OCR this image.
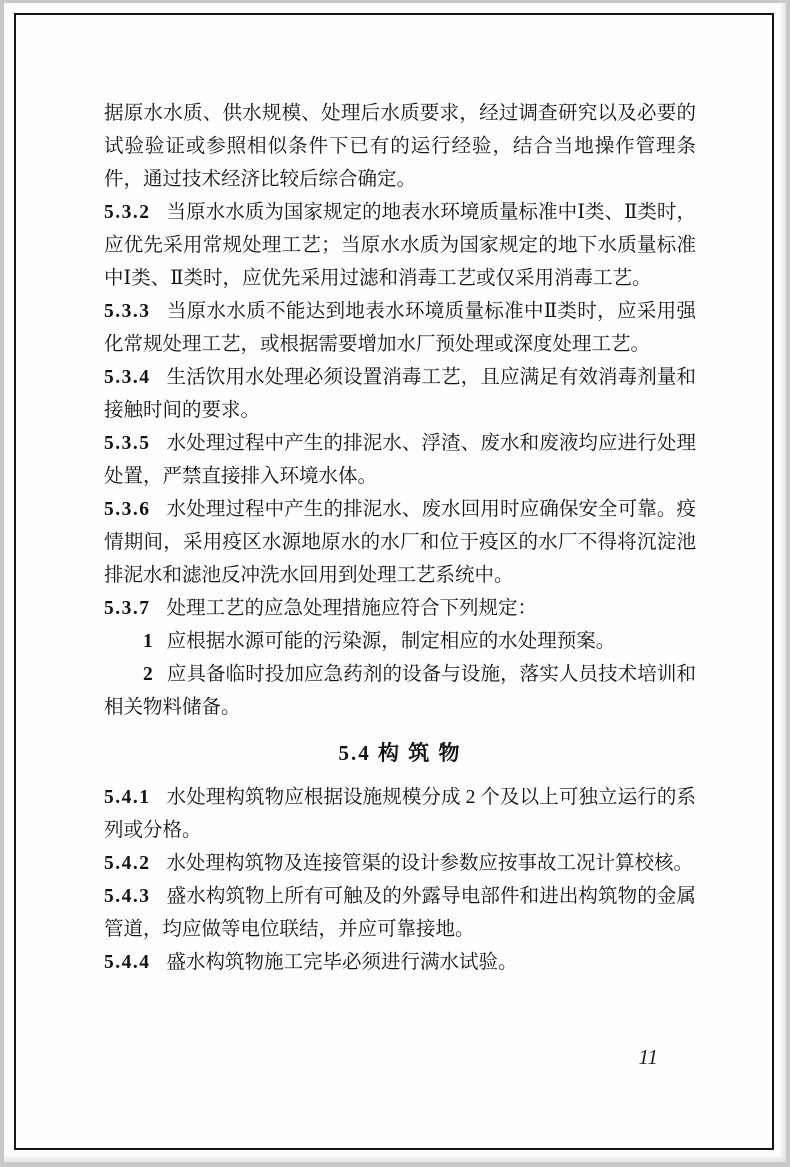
据原水水质、供水规模、处理后水质要求，经过调查研究以及必要的试验验证或参照相似条件下已有的运行经验，结合当地操作管理条件，通过技术经济比较后综合确定。

5.3.2 当原水水质为国家规定的地表水环境质量标准中Ⅰ类、Ⅱ类时，应优先采用常规处理工艺；当原水水质为国家规定的地下水质量标准中Ⅰ类、Ⅱ类时，应优先采用过滤和消毒工艺或仅采用消毒工艺。

5.3.3 当原水水质不能达到地表水环境质量标准中Ⅱ类时，应采用强化常规处理工艺，或根据需要增加水厂预处理或深度处理工艺。

5.3.4 生活饮用水处理必须设置消毒工艺，且应满足有效消毒剂量和接触时间的要求。

5.3.5 水处理过程中产生的排泥水、浮渣、废水和废液均应进行处理处置，严禁直接排入环境水体。

5.3.6 水处理过程中产生的排泥水、废水回用时应确保安全可靠。疫情期间，采用疫区水源地原水的水厂和位于疫区的水厂不得将沉淀池排泥水和滤池反冲洗水回用到处理工艺系统中。

5.3.7 处理工艺的应急处理措施应符合下列规定：

1 应根据水源可能的污染源，制定相应的水处理预案。

2 应具备临时投加应急药剂的设备与设施，落实人员技术培训和相关物料储备。

5.4 构 筑 物

5.4.1 水处理构筑物应根据设施规模分成 2 个及以上可独立运行的系列或分格。

5.4.2 水处理构筑物及连接管渠的设计参数应按事故工况计算校核。

5.4.3 盛水构筑物上所有可触及的外露导电部件和进出构筑物的金属管道，均应做等电位联结，并应可靠接地。

5.4.4 盛水构筑物施工完毕必须进行满水试验。

11
